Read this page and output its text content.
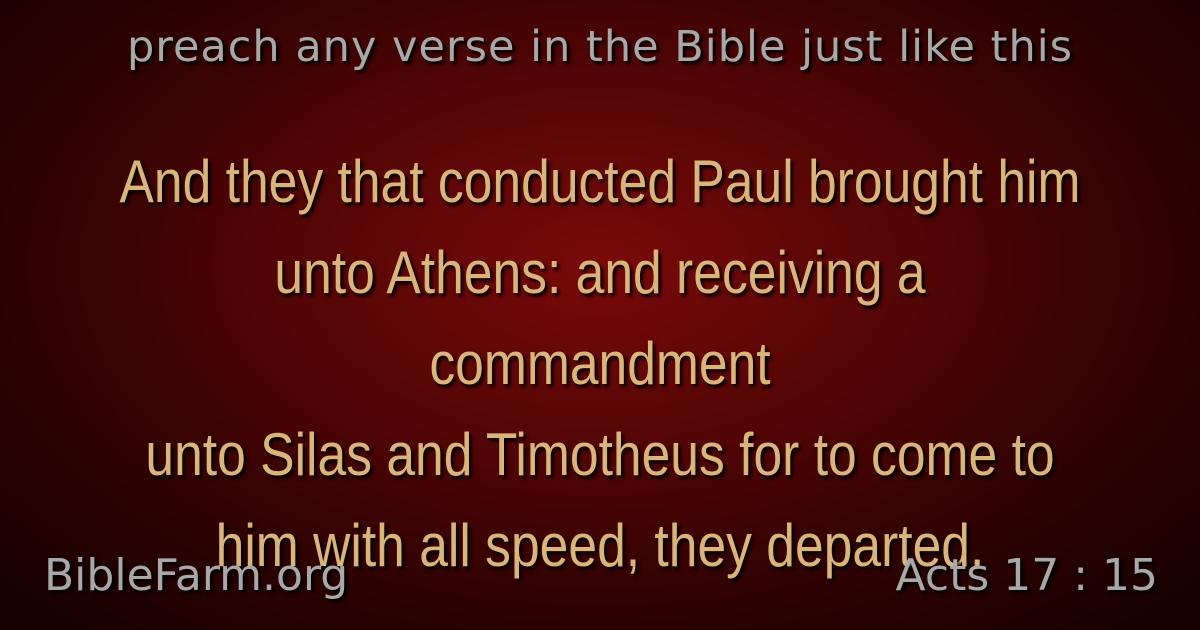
preach any verse in the Bible just like this
And they that conducted Paul brought him
unto Athens: and receiving a commandment
unto Silas and Timotheus for to come to
him with all speed, they departed.
BibleFarm.org	Acts 17 : 15
